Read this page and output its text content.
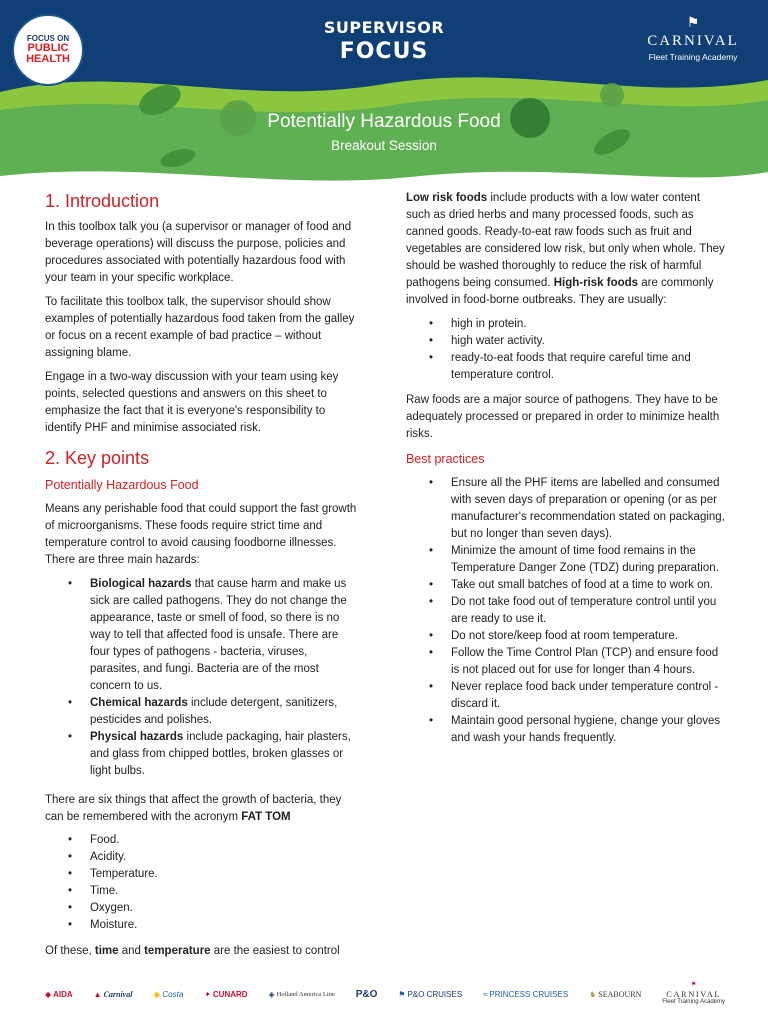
FOCUS ON
PUBLIC
HEALTH
SUPERVISOR
FOCUS
⚑
CARNIVAL
Fleet Training Academy
Potentially Hazardous Food
Breakout Session
1. Introduction

In this toolbox talk you (a supervisor or manager of food and beverage operations) will discuss the purpose, policies and procedures associated with potentially hazardous food with your team in your specific workplace.

To facilitate this toolbox talk, the supervisor should show examples of potentially hazardous food taken from the galley or focus on a recent example of bad practice – without assigning blame.

Engage in a two-way discussion with your team using key points, selected questions and answers on this sheet to emphasize the fact that it is everyone's responsibility to identify PHF and minimise associated risk.

2. Key points
Potentially Hazardous Food

Means any perishable food that could support the fast growth of microorganisms. These foods require strict time and temperature control to avoid causing foodborne illnesses.

There are three main hazards:

• Biological hazards that cause harm and make us sick are called pathogens. They do not change the appearance, taste or smell of food, so there is no way to tell that affected food is unsafe. There are four types of pathogens - bacteria, viruses, parasites, and fungi. Bacteria are of the most concern to us.
• Chemical hazards include detergent, sanitizers, pesticides and polishes.
• Physical hazards include packaging, hair plasters, and glass from chipped bottles, broken glasses or light bulbs.

There are six things that affect the growth of bacteria, they can be remembered with the acronym FAT TOM

• Food.
• Acidity.
• Temperature.
• Time.
• Oxygen.
• Moisture.

Of these, time and temperature are the easiest to control

Low risk foods include products with a low water content such as dried herbs and many processed foods, such as canned goods. Ready-to-eat raw foods such as fruit and vegetables are considered low risk, but only when whole. They should be washed thoroughly to reduce the risk of harmful pathogens being consumed. High-risk foods are commonly involved in food-borne outbreaks. They are usually:

• high in protein.
• high water activity.
• ready-to-eat foods that require careful time and temperature control.

Raw foods are a major source of pathogens. They have to be adequately processed or prepared in order to minimize health risks.

Best practices
• Ensure all the PHF items are labelled and consumed with seven days of preparation or opening (or as per manufacturer's recommendation stated on packaging, but no longer than seven days).
• Minimize the amount of time food remains in the Temperature Danger Zone (TDZ) during preparation.
• Take out small batches of food at a time to work on.
• Do not take food out of temperature control until you are ready to use it.
• Do not store/keep food at room temperature.
• Follow the Time Control Plan (TCP) and ensure food is not placed out for use for longer than 4 hours.
• Never replace food back under temperature control - discard it.
• Maintain good personal hygiene, change your gloves and wash your hands frequently.
◆ AIDA	▲ Carnival	◉ Costa	✦ CUNARD	◈ Holland America Line P&O	⚑ P&O CRUISES	≈ PRINCESS CRUISES	♞ SEABOURN
⚑
CARNIVAL
Fleet Training Academy
